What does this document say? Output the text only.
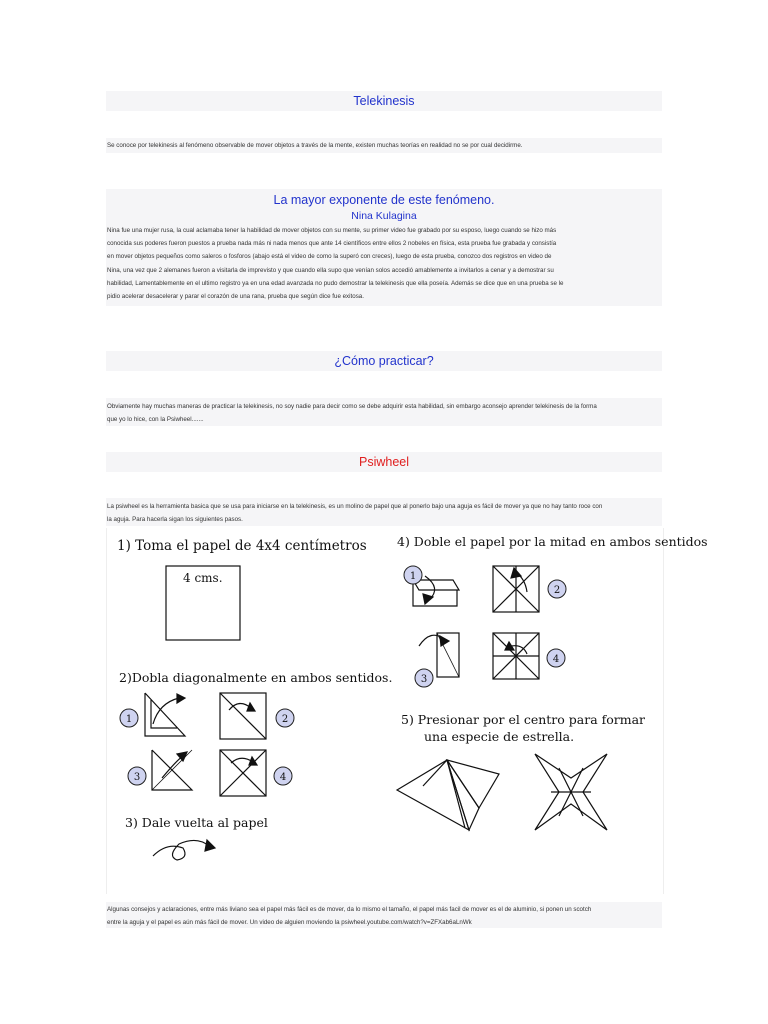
Telekinesis
Se conoce por telekinesis al fenómeno observable de mover objetos a través de la mente, existen muchas teorías en realidad no se por cual decidirme.
La mayor exponente de este fenómeno.
Nina Kulagina
Nina fue una mujer rusa, la cual aclamaba tener la habilidad de mover objetos con su mente, su primer video fue grabado por su esposo, luego cuando se hizo más
conocida sus poderes fueron puestos a prueba nada más ni nada menos que ante 14 científicos entre ellos 2 nobeles en física, esta prueba fue grabada y consistía
en mover objetos pequeños como saleros o fosforos (abajo está el video de como la superó con creces), luego de esta prueba, conozco dos registros en video de
Nina, una vez que 2 alemanes fueron a visitarla de imprevisto y que cuando ella supo que venían solos accedió amablemente a invitarlos a cenar y a demostrar su
habilidad, Lamentablemente en el ultimo registro ya en una edad avanzada no pudo demostrar la telekinesis que ella poseía. Además se dice que en una prueba se le
pidio acelerar desacelerar y parar el corazón de una rana, prueba que según dice fue exitosa.
¿Cómo practicar?
Obviamente hay muchas maneras de practicar la telekinesis, no soy nadie para decir como se debe adquirir esta habilidad, sin embargo aconsejo aprender telekinesis de la forma
que yo lo hice, con la Psiwheel.......
Psiwheel
La psiwheel es la herramienta basica que se usa para iniciarse en la telekinesis, es un molino de papel que al ponerlo bajo una aguja es fácil de mover ya que no hay tanto roce con
la aguja. Para hacerla sigan los siguientes pasos.
1) Toma el papel de 4x4 centímetros 4) Doble el papel por la mitad en ambos sentidos
2)Dobla diagonalmente en ambos sentidos.
5) Presionar por el centro para formar
una especie de estrella.
3) Dale vuelta al papel
4 cms.
1	2
3	4
1
2
3
4
Algunas consejos y aclaraciones, entre más liviano sea el papel más fácil es de mover, da lo mismo el tamaño, el papel más facil de mover es el de aluminio, si ponen un scotch
entre la aguja y el papel es aún más fácil de mover. Un video de alguien moviendo la psiwheel.youtube.com/watch?v=ZFXab6aLnWk
